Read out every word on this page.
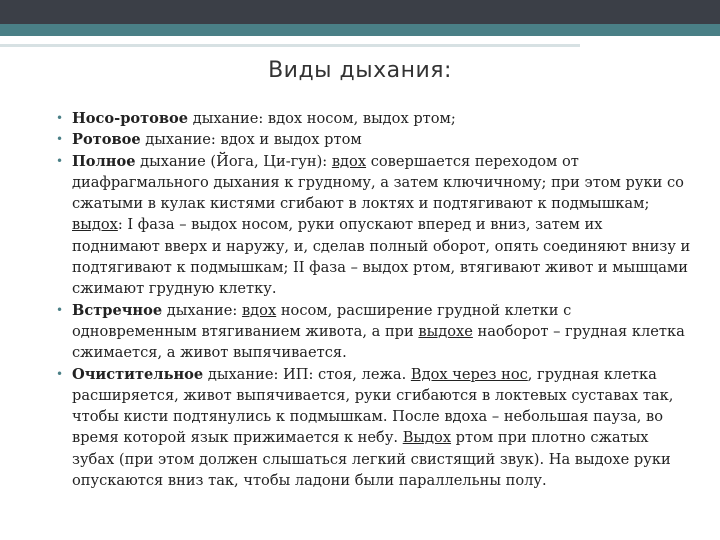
Виды дыхания:

• Носо-ротовое дыхание: вдох носом, выдох ртом;

• Ротовое дыхание: вдох и выдох ртом

• Полное дыхание (Йога, Ци-гун): вдох совершается переходом от диафрагмального дыхания к грудному, а затем ключичному; при этом руки со сжатыми в кулак кистями сгибают в локтях и подтягивают к подмышкам; выдох: I фаза – выдох носом, руки опускают вперед и вниз, затем их поднимают вверх и наружу, и, сделав полный оборот, опять соединяют внизу и подтягивают к подмышкам; II фаза – выдох ртом, втягивают живот и мышцами сжимают грудную клетку.

• Встречное дыхание: вдох носом, расширение грудной клетки с одновременным втягиванием живота, а при выдохе наоборот – грудная клетка сжимается, а живот выпячивается.

• Очистительное дыхание: ИП: стоя, лежа. Вдох через нос, грудная клетка расширяется, живот выпячивается, руки сгибаются в локтевых суставах так, чтобы кисти подтянулись к подмышкам. После вдоха – небольшая пауза, во время которой язык прижимается к небу. Выдох ртом при плотно сжатых зубах (при этом должен слышаться легкий свистящий звук). На выдохе руки опускаются вниз так, чтобы ладони были параллельны полу.
